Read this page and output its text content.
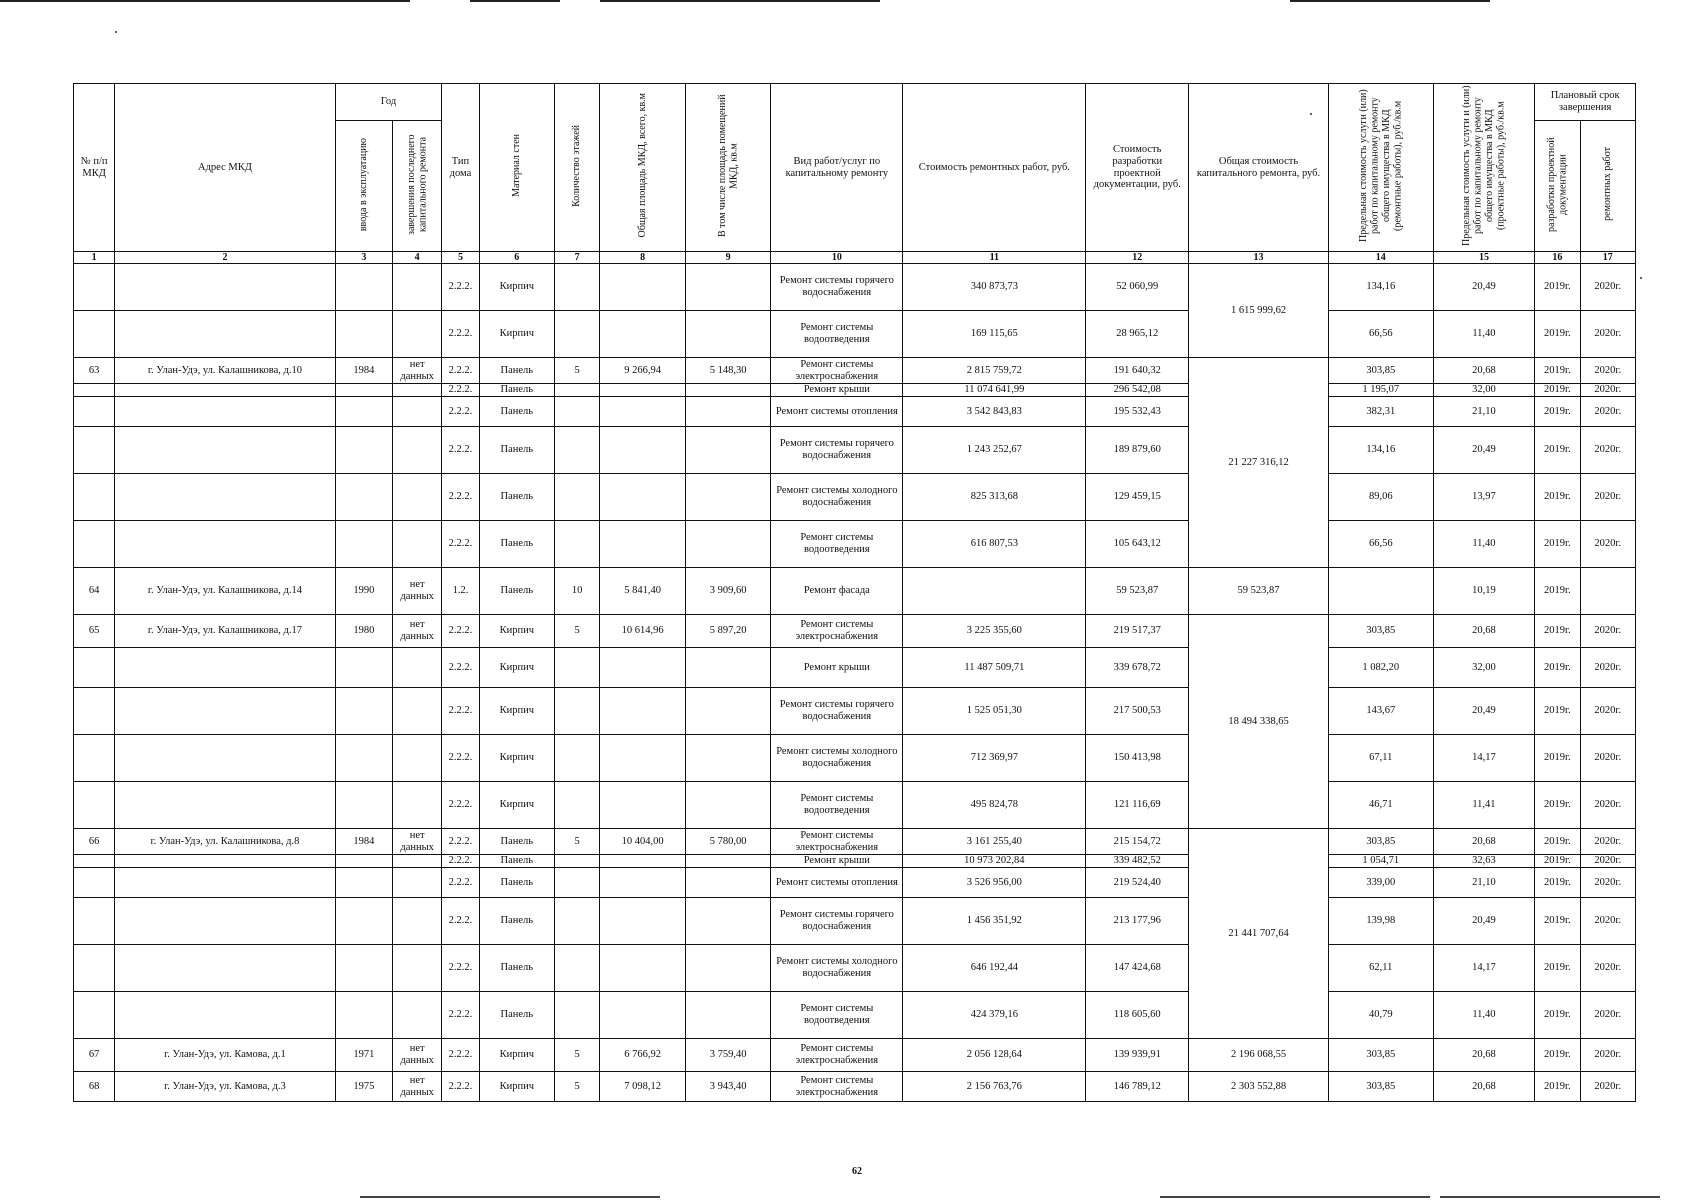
№ п/п МКД	Адрес МКД	Год		Тип дома	Материал стен	Количество этажей	Общая площадь МКД, всего, кв.м	В том числе площадь помещений МКД, кв.м	Вид работ/услуг по капитальному ремонту	Стоимость ремонтных работ, руб.	Стоимость разработки проектной документации, руб.	Общая стоимость капитального ремонта, руб.	Предельная стоимость услуги (или) работ по капитальному ремонту общего имущества в МКД (ремонтные работы), руб./кв.м	Предельная стоимость услуги и (или) работ по капитальному ремонту общего имущества в МКД (проектные работы), руб./кв.м	Плановый срок завершения	
		ввода в эксплуатацию	завершения последнего капитального ремонта												разработки проектной документации	ремонтных работ
1	2	3	4	5	6	7	8	9	10	11	12	13	14	15	16	17
				2.2.2.	Кирпич				Ремонт системы горячего водоснабжения	340 873,73	52 060,99	1 615 999,62	134,16	20,49	2019г.	2020г.
				2.2.2.	Кирпич				Ремонт системы водоотведения	169 115,65	28 965,12		66,56	11,40	2019г.	2020г.
63	г. Улан-Удэ, ул. Калашникова, д.10	1984	нет данных	2.2.2.	Панель	5	9 266,94	5 148,30	Ремонт системы электроснабжения	2 815 759,72	191 640,32	21 227 316,12	303,85	20,68	2019г.	2020г.
				2.2.2.	Панель				Ремонт крыши	11 074 641,99	296 542,08		1 195,07	32,00	2019г.	2020г.
				2.2.2.	Панель				Ремонт системы отопления	3 542 843,83	195 532,43		382,31	21,10	2019г.	2020г.
				2.2.2.	Панель				Ремонт системы горячего водоснабжения	1 243 252,67	189 879,60		134,16	20,49	2019г.	2020г.
				2.2.2.	Панель				Ремонт системы холодного водоснабжения	825 313,68	129 459,15		89,06	13,97	2019г.	2020г.
				2.2.2.	Панель				Ремонт системы водоотведения	616 807,53	105 643,12		66,56	11,40	2019г.	2020г.
64	г. Улан-Удэ, ул. Калашникова, д.14	1990	нет данных	1.2.	Панель	10	5 841,40	3 909,60	Ремонт фасада		59 523,87	59 523,87		10,19	2019г.	
65	г. Улан-Удэ, ул. Калашникова, д.17	1980	нет данных	2.2.2.	Кирпич	5	10 614,96	5 897,20	Ремонт системы электроснабжения	3 225 355,60	219 517,37	18 494 338,65	303,85	20,68	2019г.	2020г.
				2.2.2.	Кирпич				Ремонт крыши	11 487 509,71	339 678,72		1 082,20	32,00	2019г.	2020г.
				2.2.2.	Кирпич				Ремонт системы горячего водоснабжения	1 525 051,30	217 500,53		143,67	20,49	2019г.	2020г.
				2.2.2.	Кирпич				Ремонт системы холодного водоснабжения	712 369,97	150 413,98		67,11	14,17	2019г.	2020г.
				2.2.2.	Кирпич				Ремонт системы водоотведения	495 824,78	121 116,69		46,71	11,41	2019г.	2020г.
66	г. Улан-Удэ, ул. Калашникова, д.8	1984	нет данных	2.2.2.	Панель	5	10 404,00	5 780,00	Ремонт системы электроснабжения	3 161 255,40	215 154,72	21 441 707,64	303,85	20,68	2019г.	2020г.
				2.2.2.	Панель				Ремонт крыши	10 973 202,84	339 482,52		1 054,71	32,63	2019г.	2020г.
				2.2.2.	Панель				Ремонт системы отопления	3 526 956,00	219 524,40		339,00	21,10	2019г.	2020г.
				2.2.2.	Панель				Ремонт системы горячего водоснабжения	1 456 351,92	213 177,96		139,98	20,49	2019г.	2020г.
				2.2.2.	Панель				Ремонт системы холодного водоснабжения	646 192,44	147 424,68		62,11	14,17	2019г.	2020г.
				2.2.2.	Панель				Ремонт системы водоотведения	424 379,16	118 605,60		40,79	11,40	2019г.	2020г.
67	г. Улан-Удэ, ул. Камова, д.1	1971	нет данных	2.2.2.	Кирпич	5	6 766,92	3 759,40	Ремонт системы электроснабжения	2 056 128,64	139 939,91	2 196 068,55	303,85	20,68	2019г.	2020г.
68	г. Улан-Удэ, ул. Камова, д.3	1975	нет данных	2.2.2.	Кирпич	5	7 098,12	3 943,40	Ремонт системы электроснабжения	2 156 763,76	146 789,12	2 303 552,88	303,85	20,68	2019г.	2020г.
62
